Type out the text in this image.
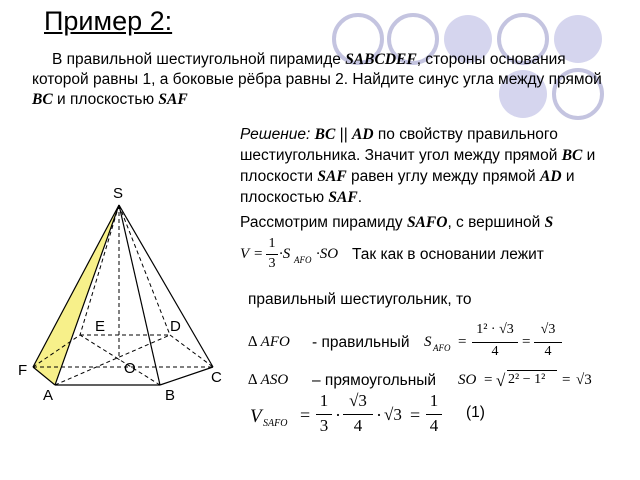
Пример 2:
В правильной шестиугольной пирамиде SABCDEF, стороны основания которой равны 1, а боковые рёбра равны 2. Найдите синус угла между прямой BC и плоскостью SAF
Решение: BC || AD по свойству правильного шестиугольника. Значит угол между прямой BC и плоскости SAF равен углу между прямой AD и плоскостью SAF.
Рассмотрим пирамиду SAFO, с вершиной S
V =
1
3
·S AFO ·SO Так как в основании лежит
правильный шестиугольник, то
∆ AFO - правильный S AFO =
1² · √3
4
=
√3
4
∆ ASO – прямоугольный SO = √ 2² − 1² = √3
V SAFO =
1
3
·
√3
4
· √3 =
1
4
(1)
S
E	D
F	O
C
A	B
